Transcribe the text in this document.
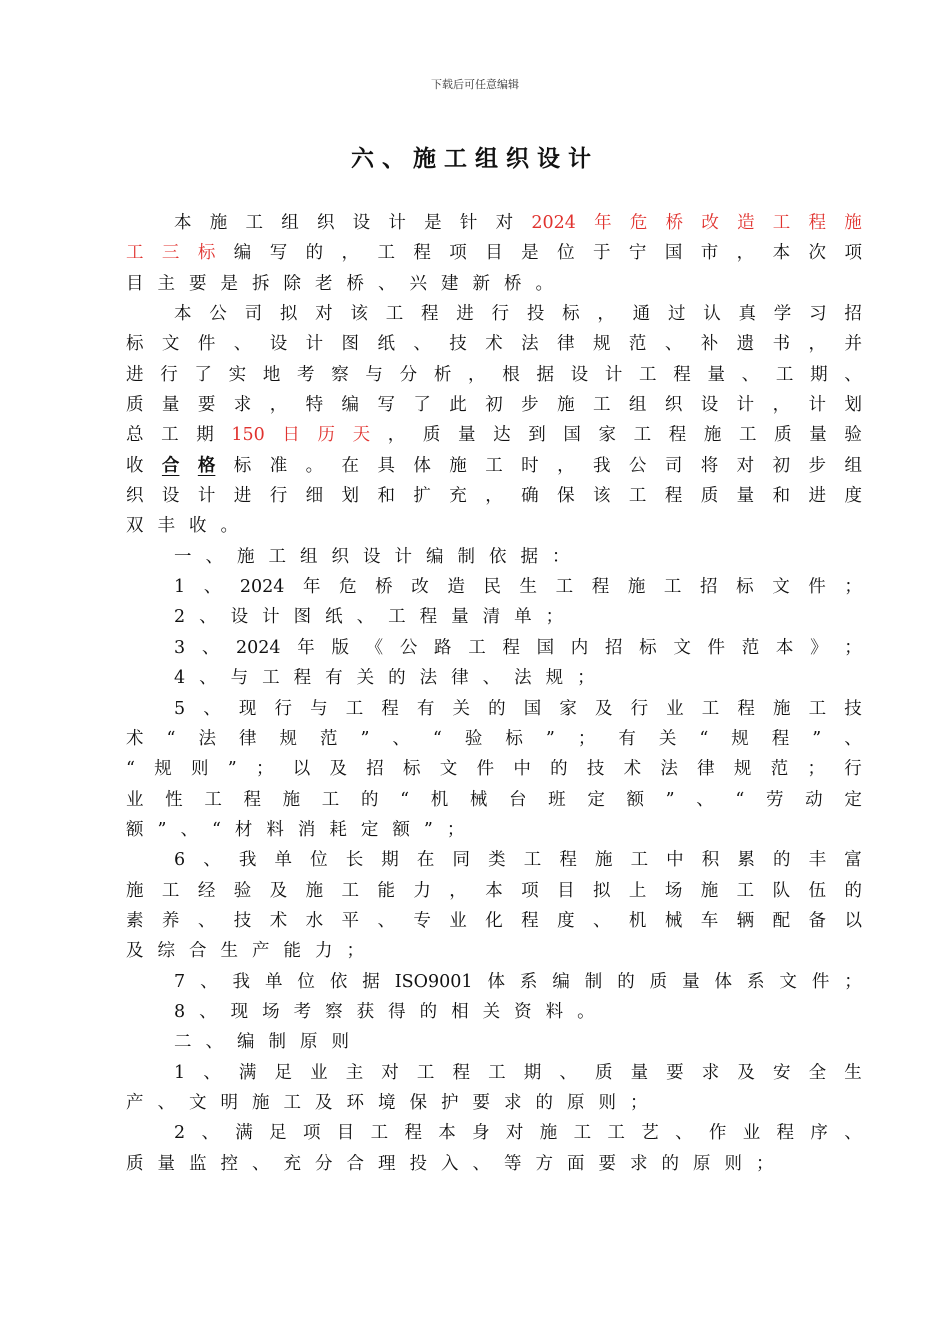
下载后可任意编辑
六、施工组织设计
本 施 工 组 织 设 计 是 针 对 2024 年 危 桥 改 造 工 程 施
工 三 标 编 写 的 ， 工 程 项 目 是 位 于 宁 国 市 ， 本 次 项
目 主 要 是 拆 除 老 桥 、 兴 建 新 桥 。
本 公 司 拟 对 该 工 程 进 行 投 标 ， 通 过 认 真 学 习 招
标 文 件 、 设 计 图 纸 、 技 术 法 律 规 范 、 补 遗 书 ， 并
进 行 了 实 地 考 察 与 分 析 ， 根 据 设 计 工 程 量 、 工 期 、
质 量 要 求 ， 特 编 写 了 此 初 步 施 工 组 织 设 计 ， 计 划
总 工 期 150 日 历 天 ， 质 量 达 到 国 家 工 程 施 工 质 量 验
收 合 格 标 准 。 在 具 体 施 工 时 ， 我 公 司 将 对 初 步 组
织 设 计 进 行 细 划 和 扩 充 ， 确 保 该 工 程 质 量 和 进 度
双 丰 收 。
一 、 施 工 组 织 设 计 编 制 依 据 ：
1 、 2024 年 危 桥 改 造 民 生 工 程 施 工 招 标 文 件 ；
2 、 设 计 图 纸 、 工 程 量 清 单 ；
3 、 2024 年 版 《 公 路 工 程 国 内 招 标 文 件 范 本 》 ；
4 、 与 工 程 有 关 的 法 律 、 法 规 ；
5 、 现 行 与 工 程 有 关 的 国 家 及 行 业 工 程 施 工 技
术 “ 法 律 规 范 ” 、 “ 验 标 ” ； 有 关 “ 规 程 ” 、
“ 规 则 ” ； 以 及 招 标 文 件 中 的 技 术 法 律 规 范 ； 行
业 性 工 程 施 工 的 “ 机 械 台 班 定 额 ” 、 “ 劳 动 定
额 ” 、 “ 材 料 消 耗 定 额 ” ；
6 、 我 单 位 长 期 在 同 类 工 程 施 工 中 积 累 的 丰 富
施 工 经 验 及 施 工 能 力 ， 本 项 目 拟 上 场 施 工 队 伍 的
素 养 、 技 术 水 平 、 专 业 化 程 度 、 机 械 车 辆 配 备 以
及 综 合 生 产 能 力 ；
7 、 我 单 位 依 据 ISO9001 体 系 编 制 的 质 量 体 系 文 件 ；
8 、 现 场 考 察 获 得 的 相 关 资 料 。
二 、 编 制 原 则
1 、 满 足 业 主 对 工 程 工 期 、 质 量 要 求 及 安 全 生
产 、 文 明 施 工 及 环 境 保 护 要 求 的 原 则 ；
2 、 满 足 项 目 工 程 本 身 对 施 工 工 艺 、 作 业 程 序 、
质 量 监 控 、 充 分 合 理 投 入 、 等 方 面 要 求 的 原 则 ；
